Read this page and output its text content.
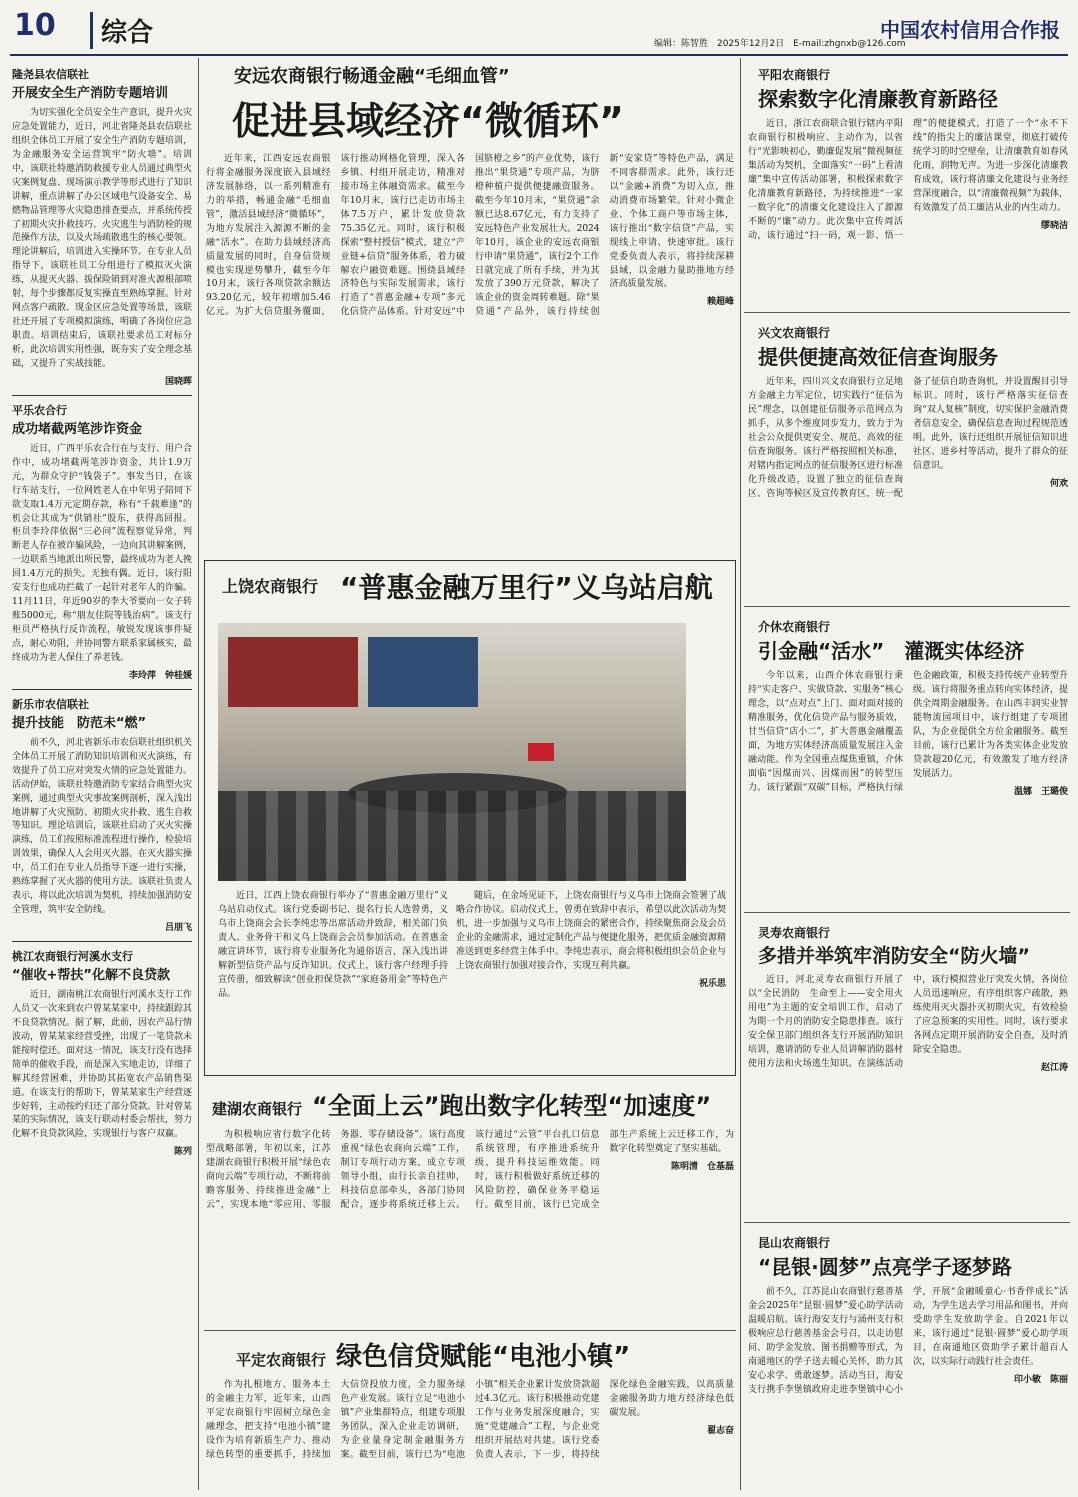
10	综合	编辑：陈智胜　2025年12月2日　E-mail:zhgnxb@126.com
中国农村信用合作报

隆尧县农信联社

开展安全生产消防专题培训

为切实强化全员安全生产意识，提升火灾应急处置能力，近日，河北省隆尧县农信联社组织全体员工开展了安全生产消防专题培训，为金融服务安全运营筑牢“防火墙”。培训中，该联社特邀消防救援专业人员通过典型火灾案例复盘、现场演示教学等形式进行了知识讲解，重点讲解了办公区域电气设备安全、易燃物品管理等火灾隐患排查要点，并系统传授了初期火灾扑救技巧、火灾逃生与消防栓的规范操作方法，以及火场疏散逃生的核心要领。理论讲解后，培训进入实操环节。在专业人员指导下，该联社员工分组进行了模拟灭火演练，从提灭火器、拔保险销到对准火源根部喷射，每个步骤都反复实操直至熟练掌握。针对网点客户疏散、现金区应急处置等场景，该联社还开展了专项模拟演练，明确了各岗位应急职责。培训结束后，该联社要求员工对标分析，此次培训实用性强，既夯实了安全理念基础，又提升了实战技能。

国晓晖

平乐农合行

成功堵截两笔涉诈资金

近日，广西平乐农合行在与支行、用户合作中，成功堵截两笔涉诈资金，共计1.9万元，为群众守护“钱袋子”。事发当日，在该行车站支行，一位网姓老人在中年男子陪同下欲支取1.4万元定期存款，称有“千载难逢”的机会让其成为“供销社”股东，获得高回报。柜员李玲萍依据“三必问”流程察觉异常，判断老人存在被诈骗风险，一边向其讲解案例，一边联系当地派出所民警，最终成功为老人挽回1.4万元的损失。无独有偶。近日，该行阳安支行也成功拦截了一起针对老年人的诈骗。11月11日，年近90岁的李大爷要向一女子转账5000元，称“朋友住院等钱治病”。该支行柜员严格执行反诈流程，敏锐发现该事件疑点，耐心劝阻，并协同警方联系家属核实，最终成功为老人保住了养老钱。

李玲萍　钟桂媛

新乐市农信联社

提升技能　防范未“燃”

前不久，河北省新乐市农信联社组织机关全体员工开展了消防知识培训和灭火演练，有效提升了员工应对突发火情的应急处置能力。活动伊始，该联社特邀消防专家结合典型火灾案例，通过典型火灾事故案例剖析，深入浅出地讲解了火灾预防、初期火灾扑救、逃生自救等知识。理论培训后，该联社启动了灭火实操演练，员工们按照标准流程进行操作，检验培训效果，确保人人会用灭火器。在灭火器实操中，员工们在专业人员指导下逐一进行实操，熟练掌握了灭火器的使用方法。该联社负责人表示，将以此次培训为契机，持续加强消防安全管理，筑牢安全防线。

吕朋飞

桃江农商银行河溪水支行

“催收+帮扶”化解不良贷款

近日，湖南桃江农商银行河溪水支行工作人员又一次来到农户曾某某家中，持续跟踪其不良贷款情况。据了解，此前，因农产品行情波动，曾某某家经营受挫，出现了一笔贷款未能按时偿还。面对这一情况，该支行没有选择简单的催收手段，而是深入实地走访，详细了解其经营困难，并协助其拓宽农产品销售渠道。在该支行的帮助下，曾某某家生产经营逐步好转，主动按约归还了部分贷款。针对曾某某的实际情况，该支行联动村委会帮扶，努力化解不良贷款风险，实现银行与客户双赢。

陈列

安远农商银行畅通金融“毛细血管”
促进县域经济“微循环”

近年来，江西安远农商银行将金融服务深度嵌入县域经济发展脉络，以一系列精准有力的举措，畅通金融“毛细血管”，激活县域经济“微循环”，为地方发展注入源源不断的金融“活水”。在助力县域经济高质量发展的同时，自身信贷规模也实现逆势攀升，截至今年10月末，该行各项贷款余额达93.20亿元，较年初增加5.46亿元。为扩大信贷服务覆面，该行推动网格化管理，深入各乡镇、村组开展走访，精准对接市场主体融资需求。截至今年10月末，该行已走访市场主体7.5万户，累计发放贷款75.35亿元。同时，该行积极探索“整村授信”模式，建立“产业链+信贷”服务体系，着力破解农户融资难题。围绕县域经济特色与实际发展需求，该行打造了“普惠金融+专项”多元化信贷产品体系。针对安远“中国脐橙之乡”的产业优势，该行推出“果贷通”专项产品，为脐橙种植户提供便捷融资服务。截至今年10月末，“果贷通”余额已达8.67亿元，有力支持了安远特色产业发展壮大。2024年10月，该企业的安远农商银行申请“果贷通”，该行2个工作日就完成了所有手续，并为其发放了390万元贷款，解决了该企业的资金周转难题。除“果贷通”产品外，该行持续创新“安家贷”等特色产品，满足不同客群需求。此外，该行还以“金融+消费”为切入点，推动消费市场繁荣。针对小微企业、个体工商户等市场主体，该行推出“数字信贷”产品，实现线上申请、快速审批。该行党委负责人表示，将持续深耕县域，以金融力量助推地方经济高质量发展。

赖超峰

上饶农商银行 “普惠金融万里行”义乌站启航

近日，江西上饶农商银行举办了“普惠金融万里行”义乌站启动仪式。该行党委副书记、提名行长人选曾勇，义乌市上饶商会会长李纯忠等出席活动并致辞，相关部门负责人、业务骨干和义乌上饶商会会员参加活动。在普惠金融宣讲环节，该行将专业服务化为通俗语言，深入浅出讲解新型信贷产品与反诈知识。仪式上，该行客户经理手持宣传册，细致解读“创业担保贷款”“家庭备用金”等特色产品。

随后，在金场见证下，上饶农商银行与义乌市上饶商会签署了战略合作协议。启动仪式上，曾勇在致辞中表示，希望以此次活动为契机，进一步加强与义乌市上饶商会的紧密合作，持续聚焦商会及会员企业的金融需求，通过定制化产品与便捷化服务，把优质金融资源精准送到更多经营主体手中。李纯忠表示，商会将积极组织会员企业与上饶农商银行加强对接合作，实现互利共赢。

祝乐思

建湖农商银行 “全面上云”跑出数字化转型“加速度”

为积极响应省行数字化转型战略部署，年初以来，江苏建湖农商银行积极开展“绿色农商向云端”专项行动，不断将前瞻客服务、持续推进金融“上云”，实现本地“零应用、零服务器、零存储设备”。该行高度重视“绿色农商向云端”工作，制订专项行动方案，成立专项领导小组，由行长亲自挂帅，科技信息部牵头，各部门协同配合，逐步将系统迁移上云。该行通过“云管”平台扎口信息系统管理，有序推进系统升级，提升科技运维效能。同时，该行积极做好系统迁移的风险防控，确保业务平稳运行。截至目前，该行已完成全部生产系统上云迁移工作，为数字化转型奠定了坚实基础。

陈明清　仓基磊

平定农商银行 绿色信贷赋能“电池小镇”

作为扎根地方、服务本土的金融主力军，近年来，山西平定农商银行牢固树立绿色金融理念，把支持“电池小镇”建设作为培育新质生产力、推动绿色转型的重要抓手，持续加大信贷投放力度，全力服务绿色产业发展。该行立足“电池小镇”产业集群特点，组建专项服务团队，深入企业走访调研，为企业量身定制金融服务方案。截至目前，该行已为“电池小镇”相关企业累计发放贷款超过4.3亿元。该行积极推动党建工作与业务发展深度融合，实施“党建融合”工程，与企业党组织开展结对共建。该行党委负责人表示，下一步，将持续深化绿色金融实践，以高质量金融服务助力地方经济绿色低碳发展。

翟志奋

平阳农商银行

探索数字化清廉教育新路径

近日，浙江农商联合银行辖内平阳农商银行积极响应、主动作为，以省行“光影映初心，勤廉促发展”微视频征集活动为契机，全面落实“一码”上看清廉”集中宣传活动部署，积极探索数字化清廉教育新路径，为持续推进“一家一数字化”的清廉文化建设注入了源源不断的“廉”动力。此次集中宣传周活动，该行通过“扫一码，观一影、悟一理”的便捷模式，打造了一个“永不下线”的指尖上的廉洁课堂，彻底打破传统学习的时空壁垒，让清廉教育如春风化雨，润物无声。为进一步深化清廉教育成效，该行将清廉文化建设与业务经营深度融合，以“清廉微视频”为载体，有效激发了员工廉洁从业的内生动力。

缪晓洁

兴文农商银行

提供便捷高效征信查询服务

近年来，四川兴文农商银行立足地方金融主力军定位，切实践行“征信为民”理念，以创建征信服务示范网点为抓手，从多个维度同步发力，致力于为社会公众提供更安全、规范、高效的征信查询服务。该行严格按照相关标准，对辖内指定网点的征信服务区进行标准化升级改造，设置了独立的征信查询区、咨询等候区及宣传教育区，统一配备了征信自助查询机，并设置醒目引导标识。同时，该行严格落实征信查询“双人复核”制度，切实保护金融消费者信息安全，确保信息查询过程规范透明。此外，该行还组织开展征信知识进社区、进乡村等活动，提升了群众的征信意识。

何欢

介休农商银行

引金融“活水”　灌溉实体经济

今年以来，山西介休农商银行秉持“实走客户、实做贷款、实服务”核心理念，以“点对点”上门、面对面对接的精准服务，优化信贷产品与服务质效，甘当信贷“店小二”，扩大普惠金融覆盖面，为地方实体经济高质量发展注入金融动能。作为全国重点煤焦重镇，介休面临“因煤而兴、因煤而困”的转型压力。该行紧跟“双碳”目标，严格执行绿色金融政策，积极支持传统产业转型升级。该行将服务重点转向实体经济，提供全周期金融服务。在山西丰润实业智能物流园项目中，该行组建了专项团队，为企业提供全方位金融服务。截至目前，该行已累计为各类实体企业发放贷款超20亿元，有效激发了地方经济发展活力。

温娜　王璐俊

灵寿农商银行

多措并举筑牢消防安全“防火墙”

近日，河北灵寿农商银行开展了以“全民消防　生命至上——安全用火用电”为主题的安全培训工作，启动了为期一个月的消防安全隐患排查。该行安全保卫部门组织各支行开展消防知识培训，邀请消防专业人员讲解消防器材使用方法和火场逃生知识。在演练活动中，该行模拟营业厅突发火情，各岗位人员迅速响应，有序组织客户疏散，熟练使用灭火器扑灭初期火灾，有效检验了应急预案的实用性。同时，该行要求各网点定期开展消防安全自查，及时消除安全隐患。

赵江涛

昆山农商银行

“昆银·圆梦”点亮学子逐梦路

前不久，江苏昆山农商银行慈善基金会2025年“昆银·圆梦”爱心助学活动温暖启航。该行海安支行与涌州支行积极响应总行慈善基金会号召，以走访慰问、助学金发放、图书捐赠等形式，为南通地区的学子送去暖心关怀，助力其安心求学、勇敢逐梦。活动当日，海安支行携手李堡镇政府走进李堡镇中心小学，开展“金融暖童心·书香伴成长”活动，为学生送去学习用品和图书，并向受助学生发放助学金。自2021年以来，该行通过“昆银·圆梦”爱心助学项目，在南通地区资助学子累计超百人次，以实际行动践行社会责任。

印小敏　陈丽
